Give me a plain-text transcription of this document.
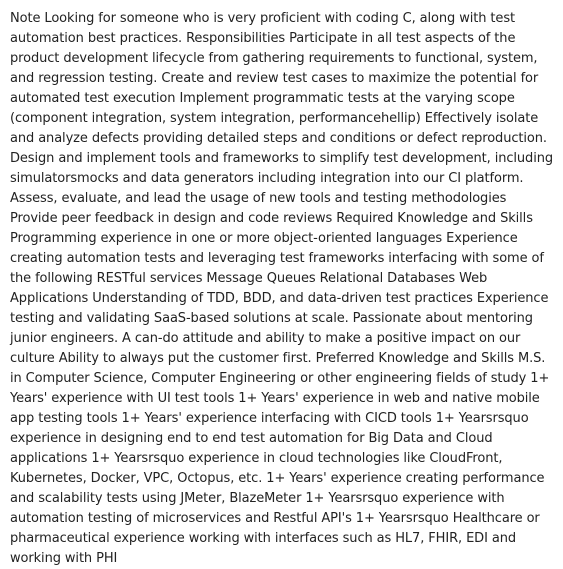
Note Looking for someone who is very proficient with coding C, along with test automation best practices. Responsibilities Participate in all test aspects of the product development lifecycle from gathering requirements to functional, system, and regression testing. Create and review test cases to maximize the potential for automated test execution Implement programmatic tests at the varying scope (component integration, system integration, performancehellip) Effectively isolate and analyze defects providing detailed steps and conditions or defect reproduction. Design and implement tools and frameworks to simplify test development, including simulatorsmocks and data generators including integration into our CI platform. Assess, evaluate, and lead the usage of new tools and testing methodologies Provide peer feedback in design and code reviews Required Knowledge and Skills Programming experience in one or more object-oriented languages Experience creating automation tests and leveraging test frameworks interfacing with some of the following RESTful services Message Queues Relational Databases Web Applications Understanding of TDD, BDD, and data-driven test practices Experience testing and validating SaaS-based solutions at scale. Passionate about mentoring junior engineers. A can-do attitude and ability to make a positive impact on our culture Ability to always put the customer first. Preferred Knowledge and Skills M.S. in Computer Science, Computer Engineering or other engineering fields of study 1+ Years' experience with UI test tools 1+ Years' experience in web and native mobile app testing tools 1+ Years' experience interfacing with CICD tools 1+ Yearsrsquo experience in designing end to end test automation for Big Data and Cloud applications 1+ Yearsrsquo experience in cloud technologies like CloudFront, Kubernetes, Docker, VPC, Octopus, etc. 1+ Years' experience creating performance and scalability tests using JMeter, BlazeMeter 1+ Yearsrsquo experience with automation testing of microservices and Restful API's 1+ Yearsrsquo Healthcare or pharmaceutical experience working with interfaces such as HL7, FHIR, EDI and working with PHI
